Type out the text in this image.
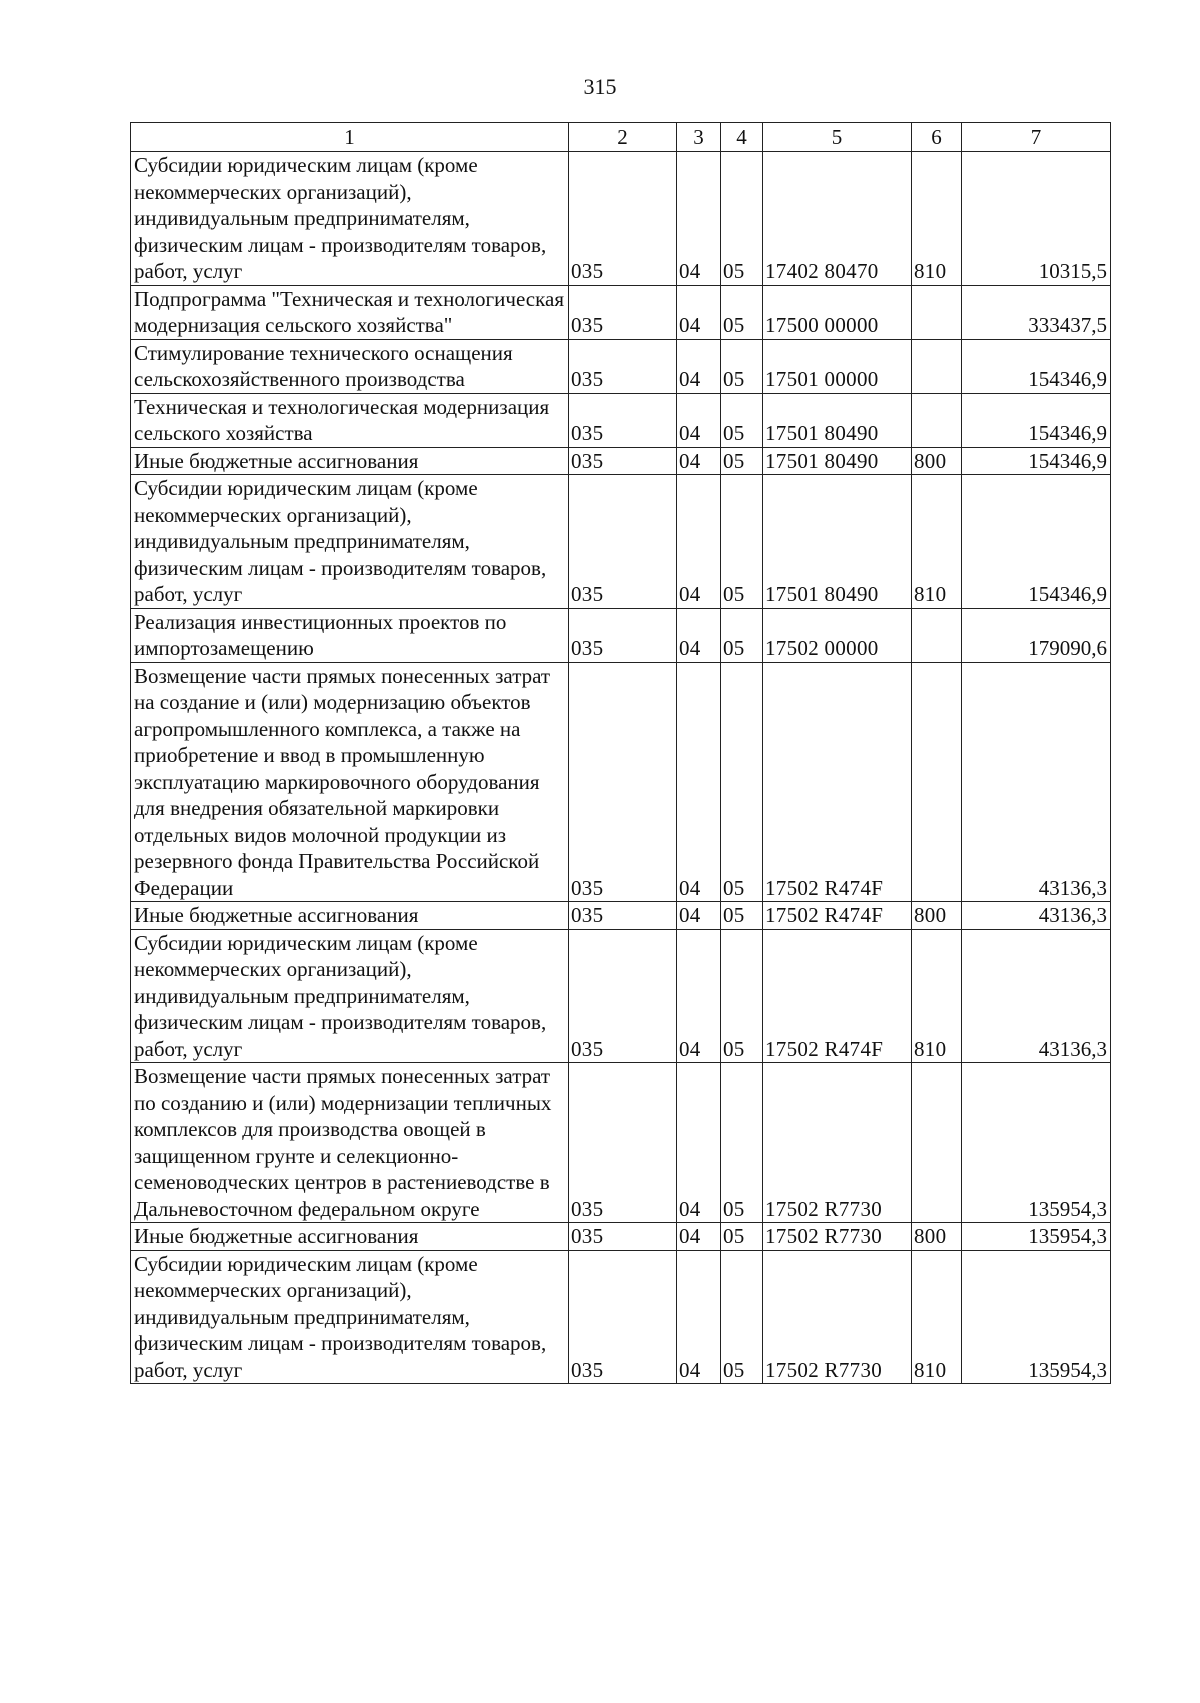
315
1	2	3	4	5	6	7
Субсидии юридическим лицам (кроме некоммерческих организаций), индивидуальным предпринимателям, физическим лицам - производителям товаров, работ, услуг	035	04	05	17402 80470	810	10315,5
Подпрограмма "Техническая и технологическая модернизация сельского хозяйства"	035	04	05	17500 00000		333437,5
Стимулирование технического оснащения сельскохозяйственного производства	035	04	05	17501 00000		154346,9
Техническая и технологическая модернизация сельского хозяйства	035	04	05	17501 80490		154346,9
Иные бюджетные ассигнования	035	04	05	17501 80490	800	154346,9
Субсидии юридическим лицам (кроме некоммерческих организаций), индивидуальным предпринимателям, физическим лицам - производителям товаров, работ, услуг	035	04	05	17501 80490	810	154346,9
Реализация инвестиционных проектов по импортозамещению	035	04	05	17502 00000		179090,6
Возмещение части прямых понесенных затрат на создание и (или) модернизацию объектов агропромышленного комплекса, а также на приобретение и ввод в промышленную эксплуатацию маркировочного оборудования для внедрения обязательной маркировки отдельных видов молочной продукции из резервного фонда Правительства Российской Федерации	035	04	05	17502 R474F		43136,3
Иные бюджетные ассигнования	035	04	05	17502 R474F	800	43136,3
Субсидии юридическим лицам (кроме некоммерческих организаций), индивидуальным предпринимателям, физическим лицам - производителям товаров, работ, услуг	035	04	05	17502 R474F	810	43136,3
Возмещение части прямых понесенных затрат по созданию и (или) модернизации тепличных комплексов для производства овощей в защищенном грунте и селекционно-семеноводческих центров в растениеводстве в Дальневосточном федеральном округе	035	04	05	17502 R7730		135954,3
Иные бюджетные ассигнования	035	04	05	17502 R7730	800	135954,3
Субсидии юридическим лицам (кроме некоммерческих организаций), индивидуальным предпринимателям, физическим лицам - производителям товаров, работ, услуг	035	04	05	17502 R7730	810	135954,3
